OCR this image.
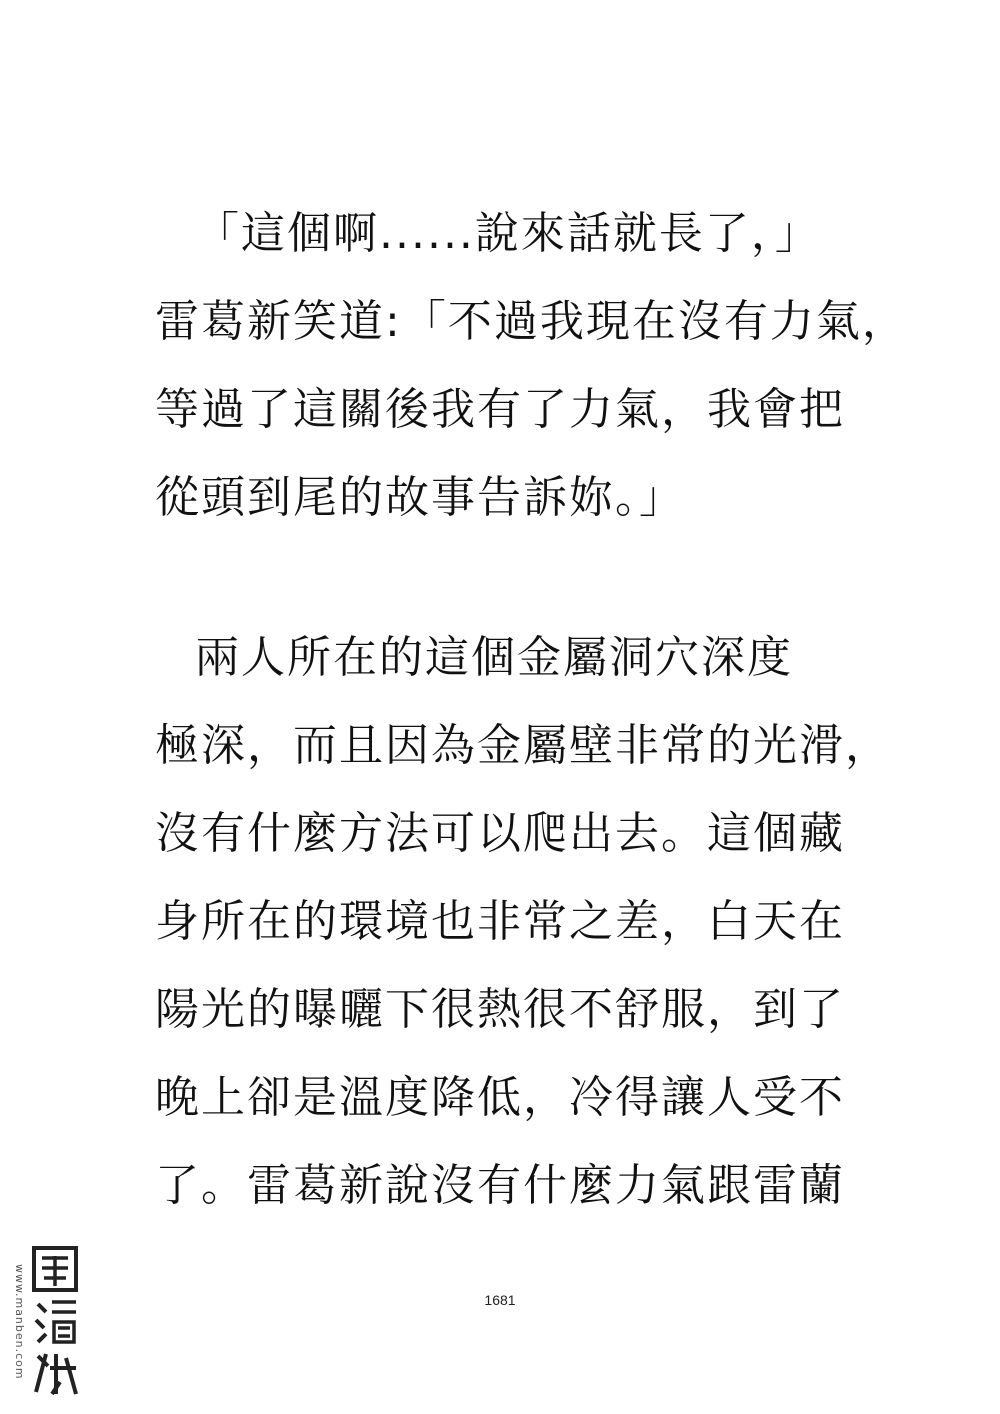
「這個啊......說來話就長了，」
雷葛新笑道:「不過我現在沒有力氣，
等過了這關後我有了力氣，我會把
從頭到尾的故事告訴妳。」
兩人所在的這個金屬洞穴深度
極深，而且因為金屬壁非常的光滑，
沒有什麼方法可以爬出去。這個藏
身所在的環境也非常之差，白天在
陽光的曝曬下很熱很不舒服，到了
晚上卻是溫度降低，冷得讓人受不
了。雷葛新說沒有什麼力氣跟雷蘭
1681
www.manben.com
